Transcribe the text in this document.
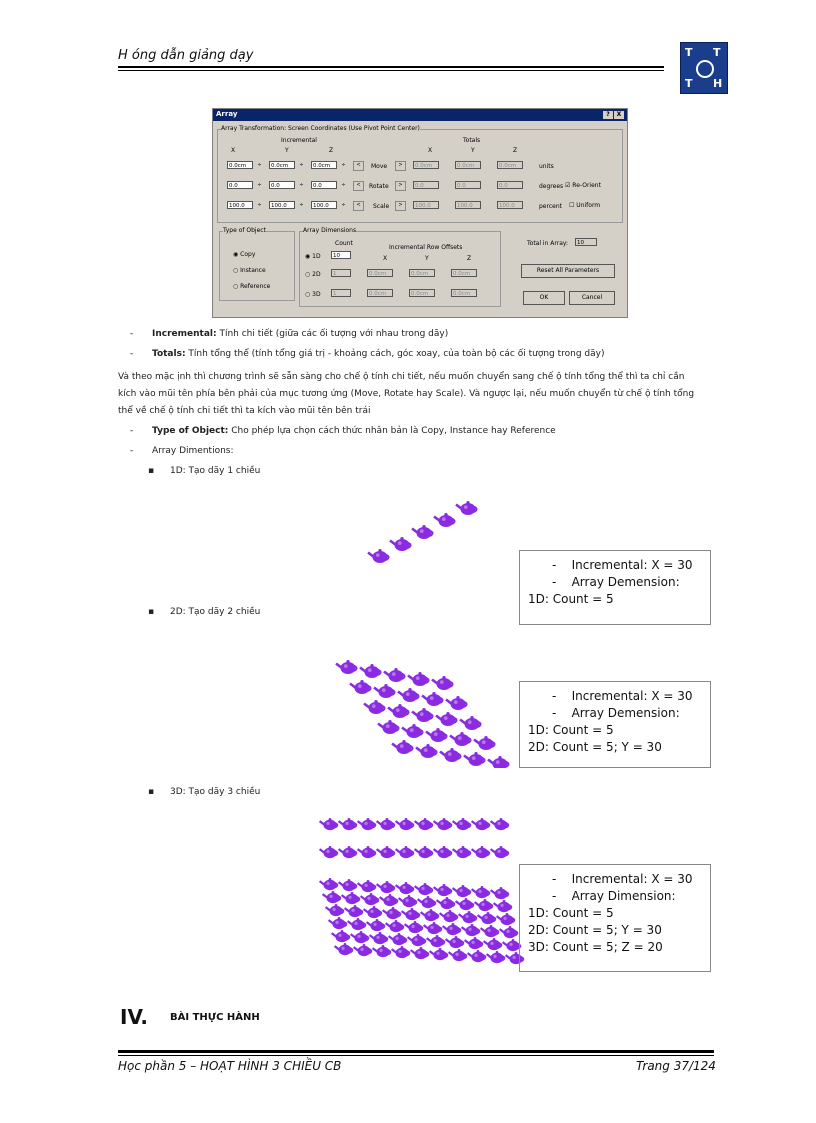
H óng dẫn giảng dạy	T T
T H
Array	?	X
Array Transformation: Screen Coordinates (Use Pivot Point Center)
Incremental	Totals
X	Y	Z	X	Y	Z
0.0cm	÷	0.0cm	÷	0.0cm	÷	<	Move	>	0.0cm	0.0cm	0.0cm	units
0.0	÷	0.0	÷	0.0	÷	<	Rotate	>	0.0	0.0	0.0	degrees ☑ Re-Orient
100.0	÷	100.0	÷	100.0	÷	<	Scale	>	100.0	100.0	100.0	percent ☐ Uniform
Type of Object
◉ Copy
○ Instance
○ Reference
Array Dimensions
Count
Incremental Row Offsets
X	Y	Z
◉ 1D	10
○ 2D	1	0.0cm	0.0cm	0.0cm
○ 3D	1	0.0cm	0.0cm	0.0cm
Total in Array:	10
Reset All Parameters
OK	Cancel
- Incremental: Tính chi tiết (giữa các ối tượng với nhau trong dãy)
- Totals: Tính tổng thể (tính tổng giá trị - khoảng cách, góc xoay, của toàn bộ các ối tượng trong dãy)
Và theo mặc ịnh thì chương trình sẽ sẵn sàng cho chế ộ tính chi tiết, nếu muốn chuyển sang chế ộ tính tổng thể thì ta chỉ cần
kích vào mũi tên phía bên phải của mục tương ứng (Move, Rotate hay Scale). Và ngược lại, nếu muốn chuyển từ chế ộ tính tổng
thể về chế ộ tính chi tiết thì ta kích vào mũi tên bên trái
- Type of Object: Cho phép lựa chọn cách thức nhân bản là Copy, Instance hay Reference
- Array Dimentions:
▪ 1D: Tạo dãy 1 chiều
▪ 2D: Tạo dãy 2 chiều
▪ 3D: Tạo dãy 3 chiều
-    Incremental: X = 30
-    Array Demension:
1D: Count = 5
-    Incremental: X = 30
-    Array Demension:
1D: Count = 5
2D: Count = 5; Y = 30
-    Incremental: X = 30
-    Array Dimension:
1D: Count = 5
2D: Count = 5; Y = 30
3D: Count = 5; Z = 20
IV. BÀI THỰC HÀNH
Học phần 5 – HOẠT HÌNH 3 CHIỀU CB	Trang 37/124
